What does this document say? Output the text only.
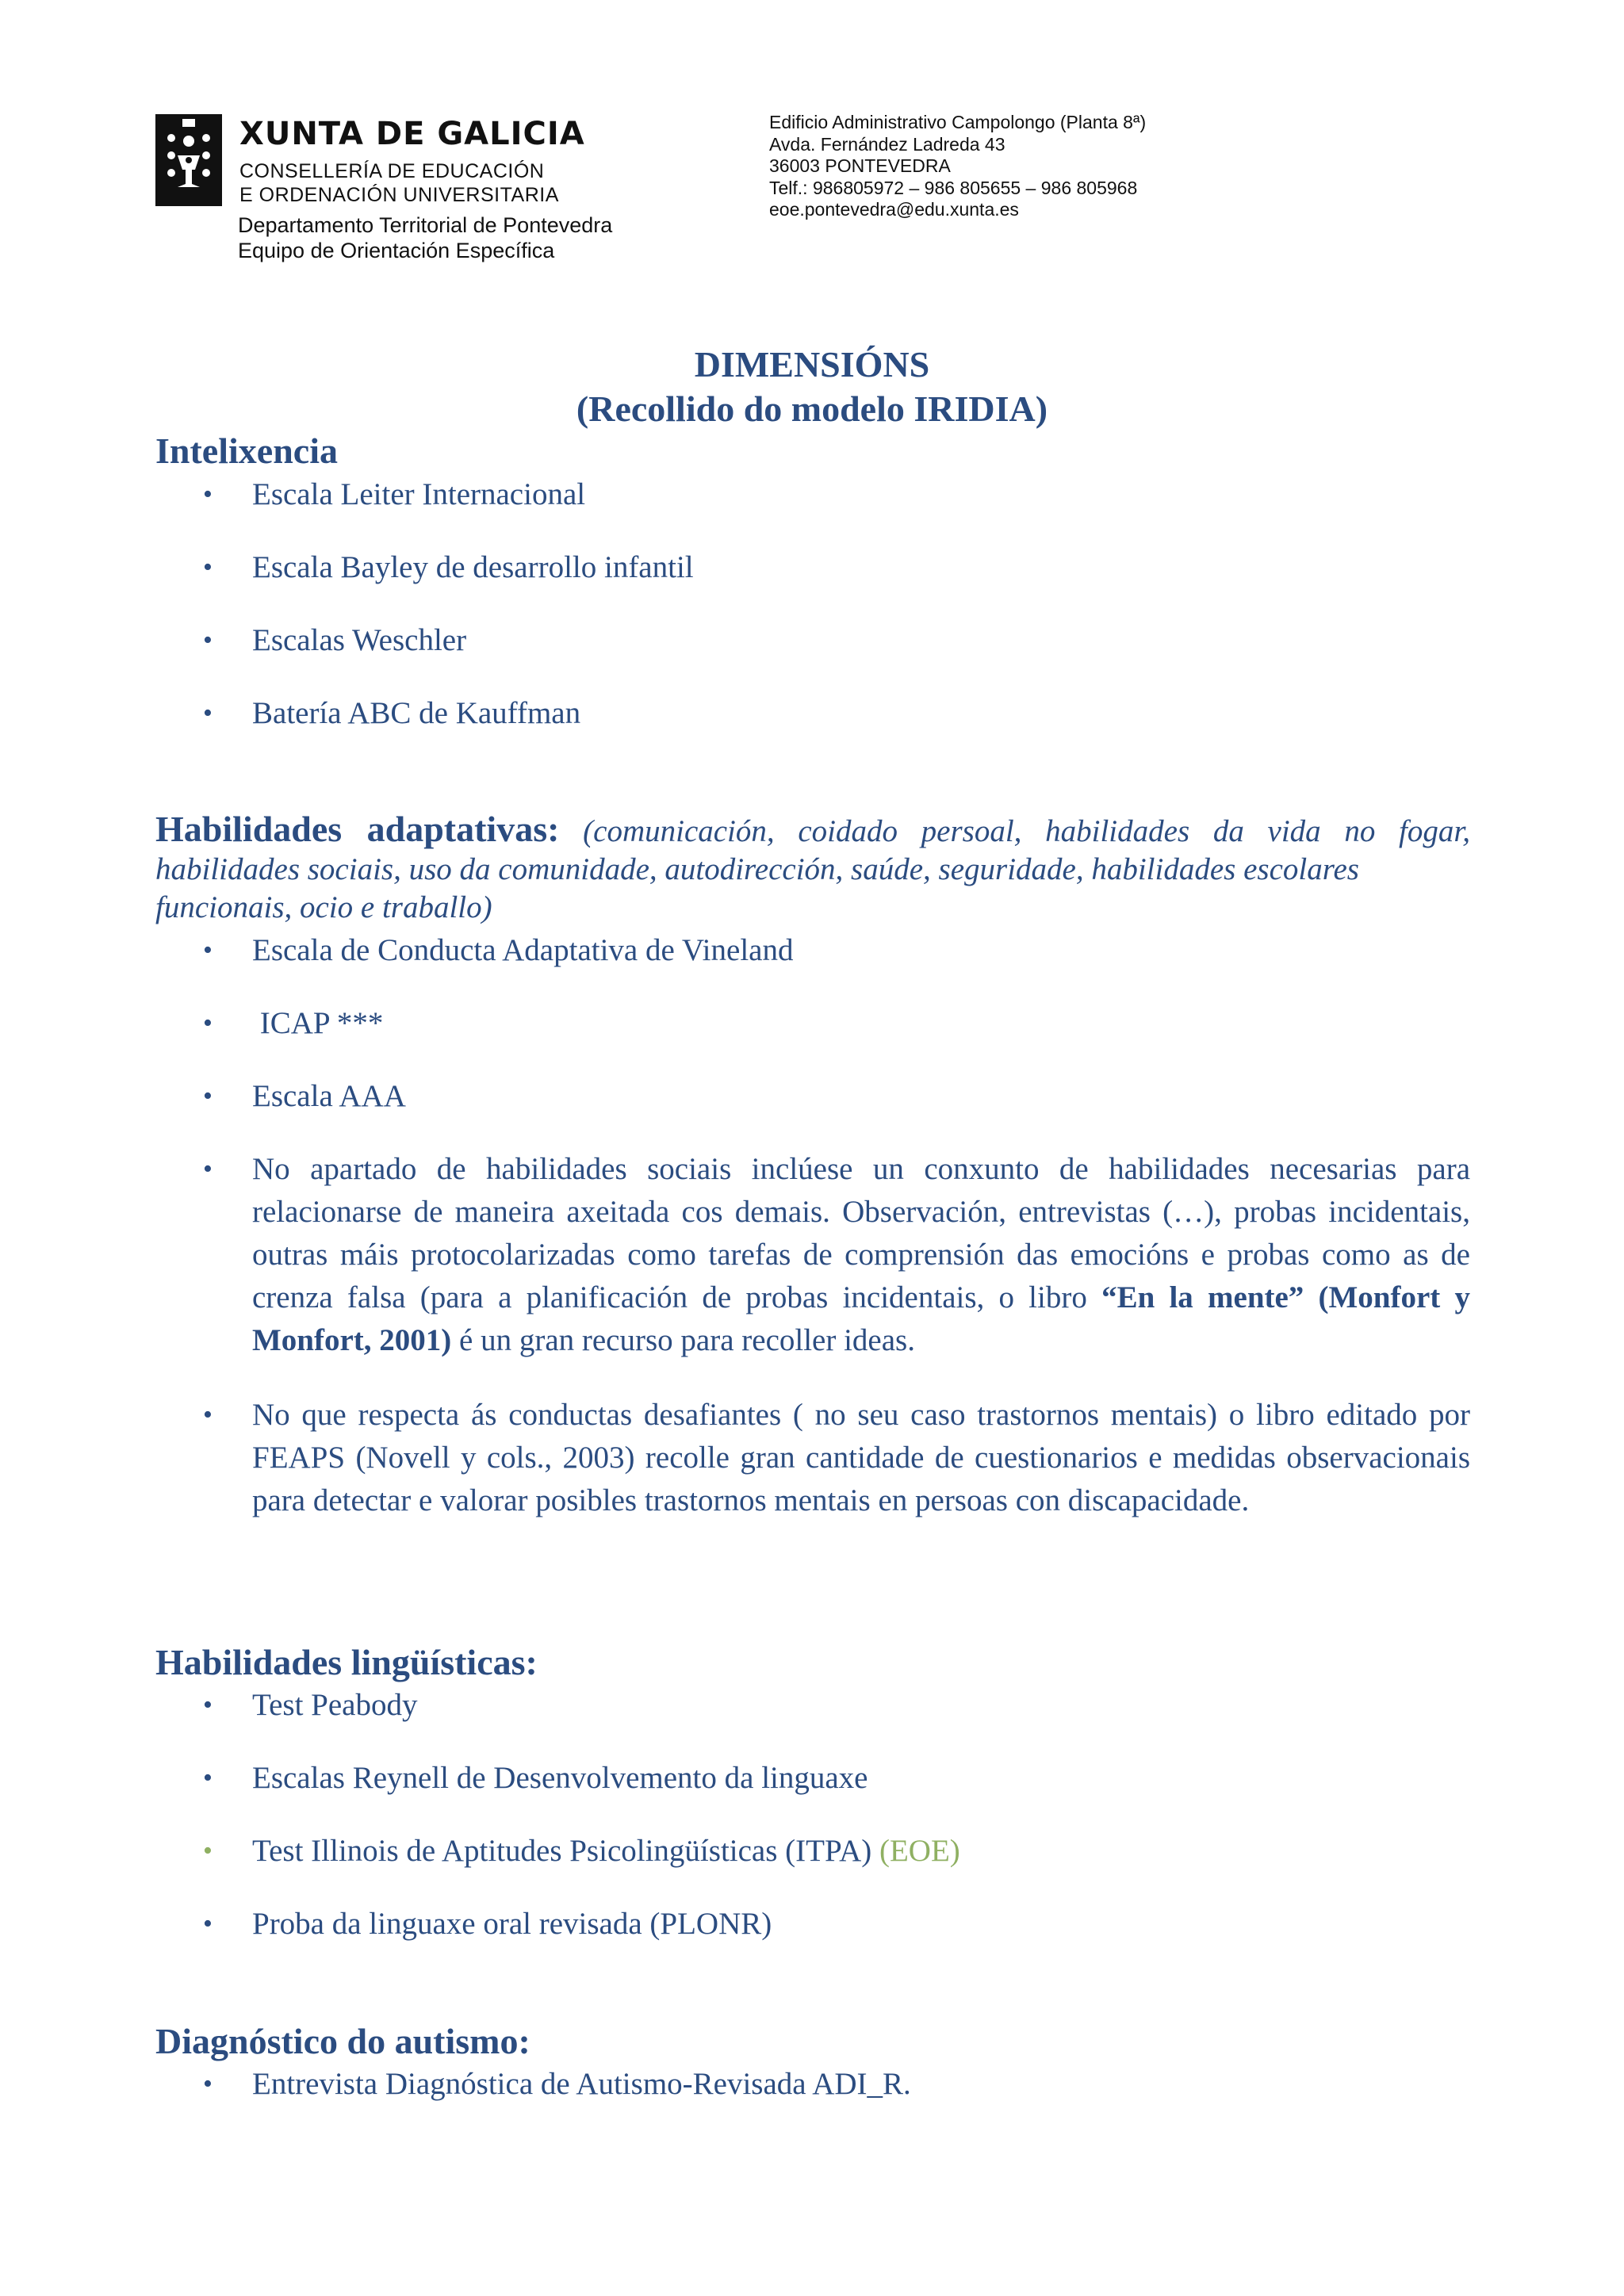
XUNTA DE GALICIA
CONSELLERÍA DE EDUCACIÓN
E ORDENACIÓN UNIVERSITARIA
Departamento Territorial de Pontevedra
Equipo de Orientación Específica
Edificio Administrativo Campolongo (Planta 8ª)
Avda. Fernández Ladreda 43
36003 PONTEVEDRA
Telf.: 986805972 – 986 805655 – 986 805968
eoe.pontevedra@edu.xunta.es
DIMENSIÓNS
(Recollido do modelo IRIDIA)
Intelixencia
•
Escala Leiter Internacional
•
Escala Bayley de desarrollo infantil
•
Escalas Weschler
•
Batería ABC de Kauffman
Habilidades adaptativas: (comunicación, coidado persoal, habilidades da vida no fogar, habilidades sociais, uso da comunidade, autodirección, saúde, seguridade, habilidades escolares
funcionais, ocio e traballo)
•
Escala de Conducta Adaptativa de Vineland
•
ICAP ***
•
Escala AAA
•
No apartado de habilidades sociais inclúese un conxunto de habilidades necesarias para relacionarse de maneira axeitada cos demais. Observación, entrevistas (…), probas incidentais, outras máis protocolarizadas como tarefas de comprensión das emocións e probas como as de crenza falsa (para a planificación de probas incidentais, o libro “En la mente” (Monfort y Monfort, 2001) é un gran recurso para recoller ideas.
•
No que respecta ás conductas desafiantes ( no seu caso trastornos mentais) o libro editado por FEAPS (Novell y cols., 2003) recolle gran cantidade de cuestionarios e medidas observacionais para detectar e valorar posibles trastornos mentais en persoas con discapacidade.
Habilidades lingüísticas:
•
Test Peabody
•
Escalas Reynell de Desenvolvemento da linguaxe
•
Test Illinois de Aptitudes Psicolingüísticas (ITPA) (EOE)
•
Proba da linguaxe oral revisada (PLONR)
Diagnóstico do autismo:
•
Entrevista Diagnóstica de Autismo-Revisada ADI_R.
